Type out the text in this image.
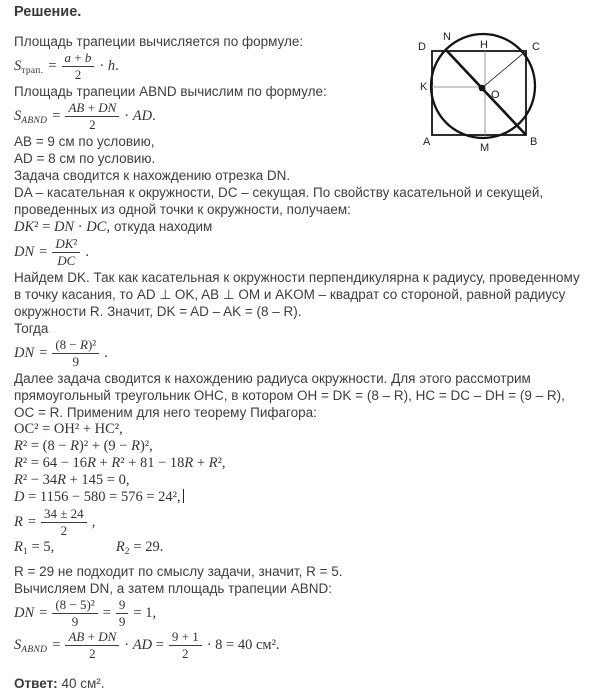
Решение.
D
N
H	C
K
O
A	M	B

Площадь трапеции вычисляется по формуле:

$S_{трап.} = \frac{a + b}{2} \cdot h$.

Площадь трапеции ABND вычислим по формуле:

$S_{ABND} = \frac{AB + DN}{2}$ · AD.

AB = 9 см по условию,

AD = 8 см по условию.

Задача сводится к нахождению отрезка DN.

DA – касательная к окружности, DC – секущая. По свойству касательной и секущей,
проведенных из одной точки к окружности, получаем:

DK² = DN · DC, откуда находим
DN = $\frac{\text{DK²}}{DC}$ .

Найдем DK. Так как касательная к окружности перпендикулярна к радиусу, проведенному
в точку касания, то AD ⊥ OK, AB ⊥ OM и AKOM – квадрат со стороной, равной радиусу
окружности R. Значит, DK = AD – AK = (8 – R).

Тогда

DN = $\frac{\text{(8 − R)²}}{9}$ .

Далее задача сводится к нахождению радиуса окружности. Для этого рассмотрим
прямоугольный треугольник OHC, в котором OH = DK = (8 – R), HC = DC – DH = (9 – R),
OC = R. Применим для него теорему Пифагора:

OC² = OH² + HC²,
R² = (8 − R)² + (9 − R)²,
R² = 64 − 16R + R² + 81 − 18R + R²,
R² − 34R + 145 = 0,
D = 1156 − 580 = 576 = 24²,
$R = \frac{34 \pm 24}{2}$ ,
$R_1 = 5$,	$R_2 = 29$.

R = 29 не подходит по смыслу задачи, значит, R = 5.

Вычисляем DN, а затем площадь трапеции ABND:

DN = $\frac{\text{(8 − 5)²}}{9} = \frac{9}{9} = 1$,
$S_{ABND} = \frac{AB + DN}{2}$ · AD = $\frac{9 + 1}{2} \cdot 8 = 40$ см².

Ответ: 40 см².
